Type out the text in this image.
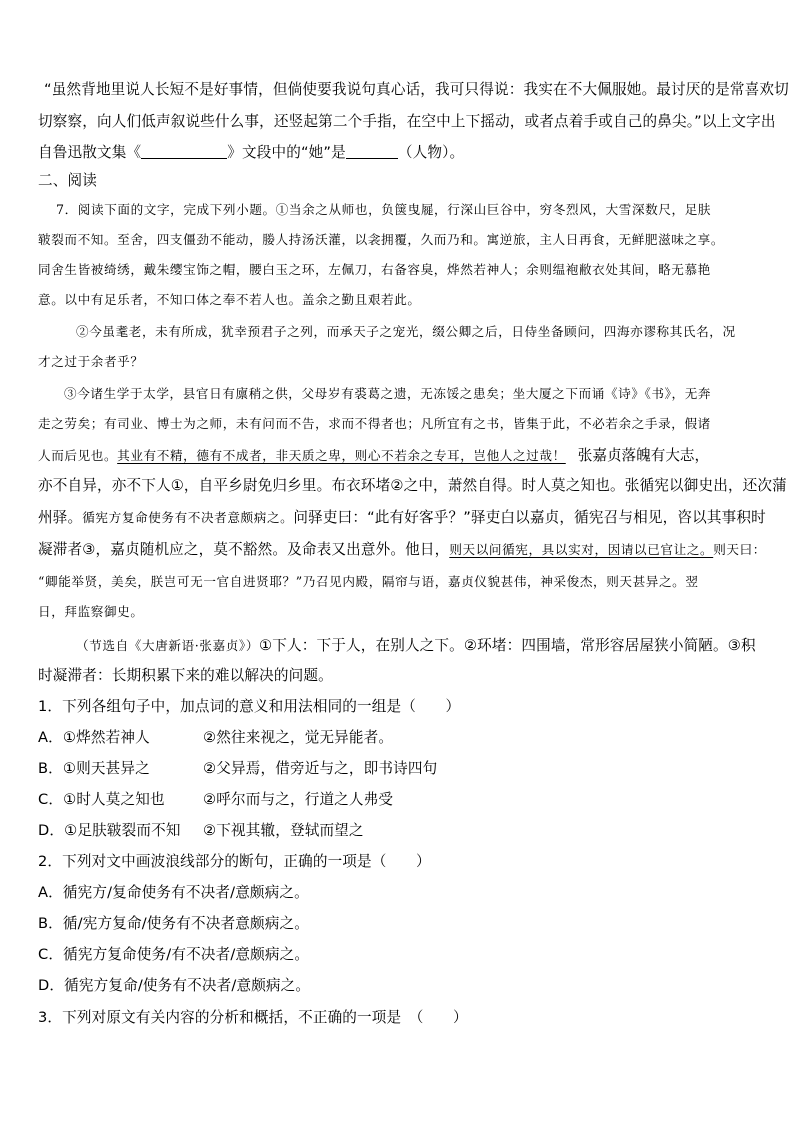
“虽然背地里说人长短不是好事情，但倘使要我说句真心话，我可只得说：我实在不大佩服她。最讨厌的是常喜欢切
切察察，向人们低声叙说些什么事，还竖起第二个手指，在空中上下摇动，或者点着手或自己的鼻尖。”以上文字出
自鲁迅散文集《	》文段中的“她”是	（人物）。
二、阅读
7．阅读下面的文字，完成下列小题。①当余之从师也，负箧曳屣，行深山巨谷中，穷冬烈风，大雪深数尺，足肤
皲裂而不知。至舍，四支僵劲不能动，媵人持汤沃灌，以衾拥覆，久而乃和。寓逆旅，主人日再食，无鲜肥滋味之享。
同舍生皆被绮绣，戴朱缨宝饰之帽，腰白玉之环，左佩刀，右备容臭，烨然若神人；余则缊袍敝衣处其间，略无慕艳
意。以中有足乐者，不知口体之奉不若人也。盖余之勤且艰若此。
②今虽耄老，未有所成，犹幸预君子之列，而承天子之宠光，缀公卿之后，日侍坐备顾问，四海亦谬称其氏名，况
才之过于余者乎？
③今诸生学于太学，县官日有廪稍之供，父母岁有裘葛之遗，无冻馁之患矣；坐大厦之下而诵《诗》《书》，无奔
走之劳矣；有司业、博士为之师，未有问而不告，求而不得者也；凡所宜有之书，皆集于此，不必若余之手录，假诸
人而后见也。其业有不精，德有不成者，非天质之卑，则心不若余之专耳，岂他人之过哉！ 张嘉贞落魄有大志，
亦不自异，亦不下人①，自平乡尉免归乡里。布衣环堵②之中，萧然自得。时人莫之知也。张循宪以御史出，还次蒲
州驿。循宪方复命使务有不决者意颇病之。问驿吏曰：“此有好客乎？”驿吏白以嘉贞，循宪召与相见，咨以其事积时
凝滞者③，嘉贞随机应之，莫不豁然。及命表又出意外。他日，则天以问循宪，具以实对，因请以已官让之。则天曰：
“卿能举贤，美矣，朕岂可无一官自进贤耶？”乃召见内殿，隔帘与语，嘉贞仪貌甚伟，神采俊杰，则天甚异之。翌
日，拜监察御史。
（节选自《大唐新语·张嘉贞》）①下人：下于人，在别人之下。②环堵：四围墙，常形容居屋狭小简陋。③积
时凝滞者：长期积累下来的难以解决的问题。
1．下列各组句子中，加点词的意义和用法相同的一组是（　　）
A．①烨然若神人	②然往来视之，觉无异能者。
B．①则天甚异之	②父异焉，借旁近与之，即书诗四句
C．①时人莫之知也	②呼尔而与之，行道之人弗受
D．①足肤皲裂而不知 ②下视其辙，登轼而望之
2．下列对文中画波浪线部分的断句，正确的一项是（　　）
A．循宪方/复命使务有不决者/意颇病之。
B．循/宪方复命/使务有不决者意颇病之。
C．循宪方复命使务/有不决者/意颇病之。
D．循宪方复命/使务有不决者/意颇病之。
3．下列对原文有关内容的分析和概括，不正确的一项是　（　　）
